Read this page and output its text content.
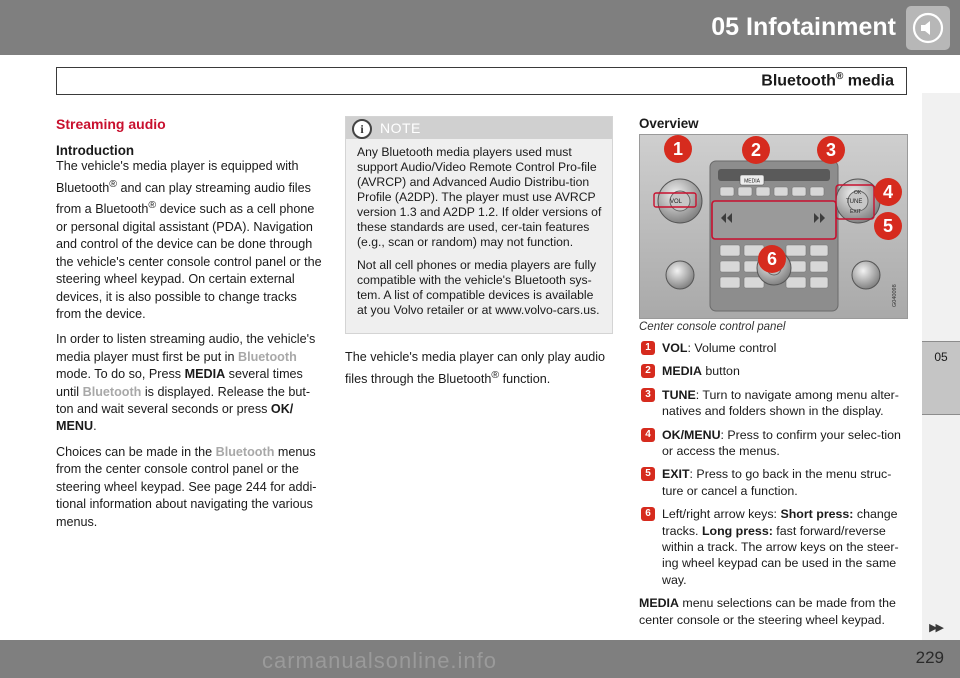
05 Infotainment
Bluetooth® media
05
Streaming audio
Introduction

The vehicle's media player is equipped with Bluetooth® and can play streaming audio files from a Bluetooth® device such as a cell phone or personal digital assistant (PDA). Navigation and control of the device can be done through the vehicle's center console control panel or the steering wheel keypad. On certain external devices, it is also possible to change tracks from the device.

In order to listen streaming audio, the vehicle's media player must first be put in Bluetooth mode. To do so, Press MEDIA several times until Bluetooth is displayed. Release the but-ton and wait several seconds or press OK/ MENU.

Choices can be made in the Bluetooth menus from the center console control panel or the steering wheel keypad. See page 244 for addi-tional information about navigating the various menus.

i	NOTE

Any Bluetooth media players used must support Audio/Video Remote Control Pro-file (AVRCP) and Advanced Audio Distribu-tion Profile (A2DP). The player must use AVRCP version 1.3 and A2DP 1.2. If older versions of these standards are used, cer-tain features (e.g., scan or random) may not function.

Not all cell phones or media players are fully compatible with the vehicle's Bluetooth sys-tem. A list of compatible devices is available at you Volvo retailer or at www.volvo-cars.us.

The vehicle's media player can only play audio files through the Bluetooth® function.
Overview
MEDIA
VOL	TUNE
EXIT
OK
G040098
1	2	3
4
5
6
Center console control panel
1 VOL: Volume control
2 MEDIA button
3 TUNE: Turn to navigate among menu alter-natives and folders shown in the display.
4 OK/MENU: Press to confirm your selec-tion or access the menus.
5 EXIT: Press to go back in the menu struc-ture or cancel a function.
6 Left/right arrow keys: Short press: change tracks. Long press: fast forward/reverse within a track. The arrow keys on the steer-ing wheel keypad can be used in the same way.

MEDIA menu selections can be made from the center console or the steering wheel keypad.

▶▶
carmanualsonline.info	229
